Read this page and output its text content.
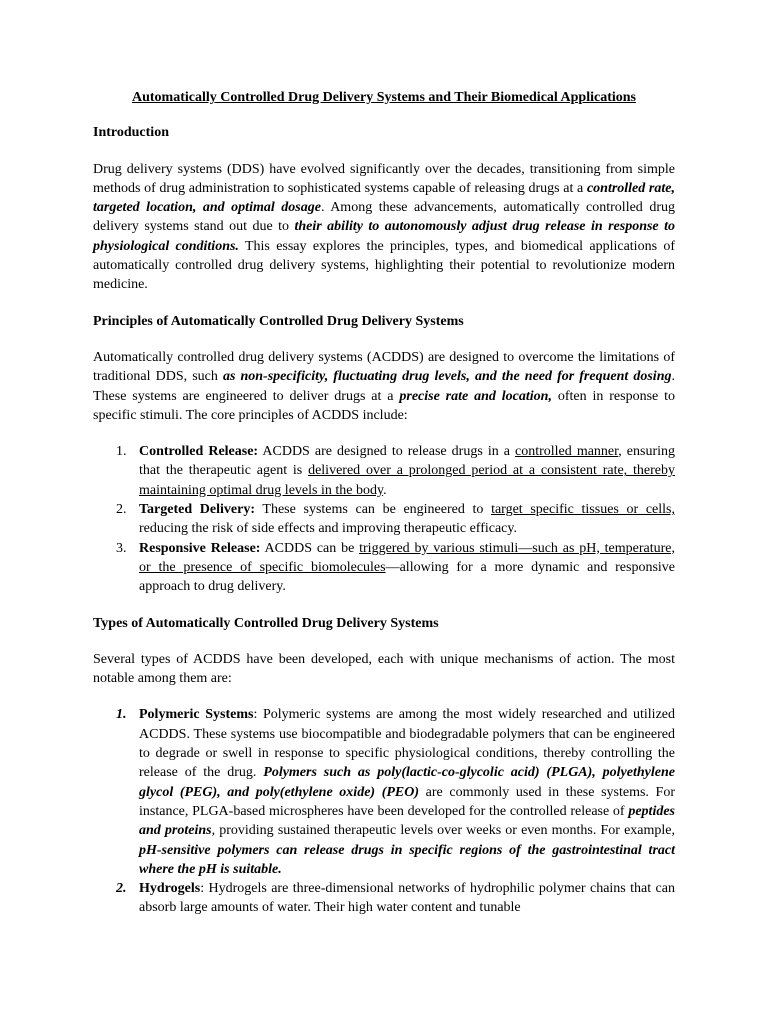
Automatically Controlled Drug Delivery Systems and Their Biomedical Applications
Introduction

Drug delivery systems (DDS) have evolved significantly over the decades, transitioning from simple methods of drug administration to sophisticated systems capable of releasing drugs at a controlled rate, targeted location, and optimal dosage. Among these advancements, automatically controlled drug delivery systems stand out due to their ability to autonomously adjust drug release in response to physiological conditions. This essay explores the principles, types, and biomedical applications of automatically controlled drug delivery systems, highlighting their potential to revolutionize modern medicine.

Principles of Automatically Controlled Drug Delivery Systems

Automatically controlled drug delivery systems (ACDDS) are designed to overcome the limitations of traditional DDS, such as non-specificity, fluctuating drug levels, and the need for frequent dosing. These systems are engineered to deliver drugs at a precise rate and location, often in response to specific stimuli. The core principles of ACDDS include:

1. Controlled Release: ACDDS are designed to release drugs in a controlled manner, ensuring that the therapeutic agent is delivered over a prolonged period at a consistent rate, thereby maintaining optimal drug levels in the body.
2. Targeted Delivery: These systems can be engineered to target specific tissues or cells, reducing the risk of side effects and improving therapeutic efficacy.
3. Responsive Release: ACDDS can be triggered by various stimuli—such as pH, temperature, or the presence of specific biomolecules—allowing for a more dynamic and responsive approach to drug delivery.
Types of Automatically Controlled Drug Delivery Systems

Several types of ACDDS have been developed, each with unique mechanisms of action. The most notable among them are:

1. Polymeric Systems: Polymeric systems are among the most widely researched and utilized ACDDS. These systems use biocompatible and biodegradable polymers that can be engineered to degrade or swell in response to specific physiological conditions, thereby controlling the release of the drug. Polymers such as poly(lactic-co-glycolic acid) (PLGA), polyethylene glycol (PEG), and poly(ethylene oxide) (PEO) are commonly used in these systems. For instance, PLGA-based microspheres have been developed for the controlled release of peptides and proteins, providing sustained therapeutic levels over weeks or even months. For example, pH-sensitive polymers can release drugs in specific regions of the gastrointestinal tract where the pH is suitable.
2. Hydrogels: Hydrogels are three-dimensional networks of hydrophilic polymer chains that can absorb large amounts of water. Their high water content and tunable
